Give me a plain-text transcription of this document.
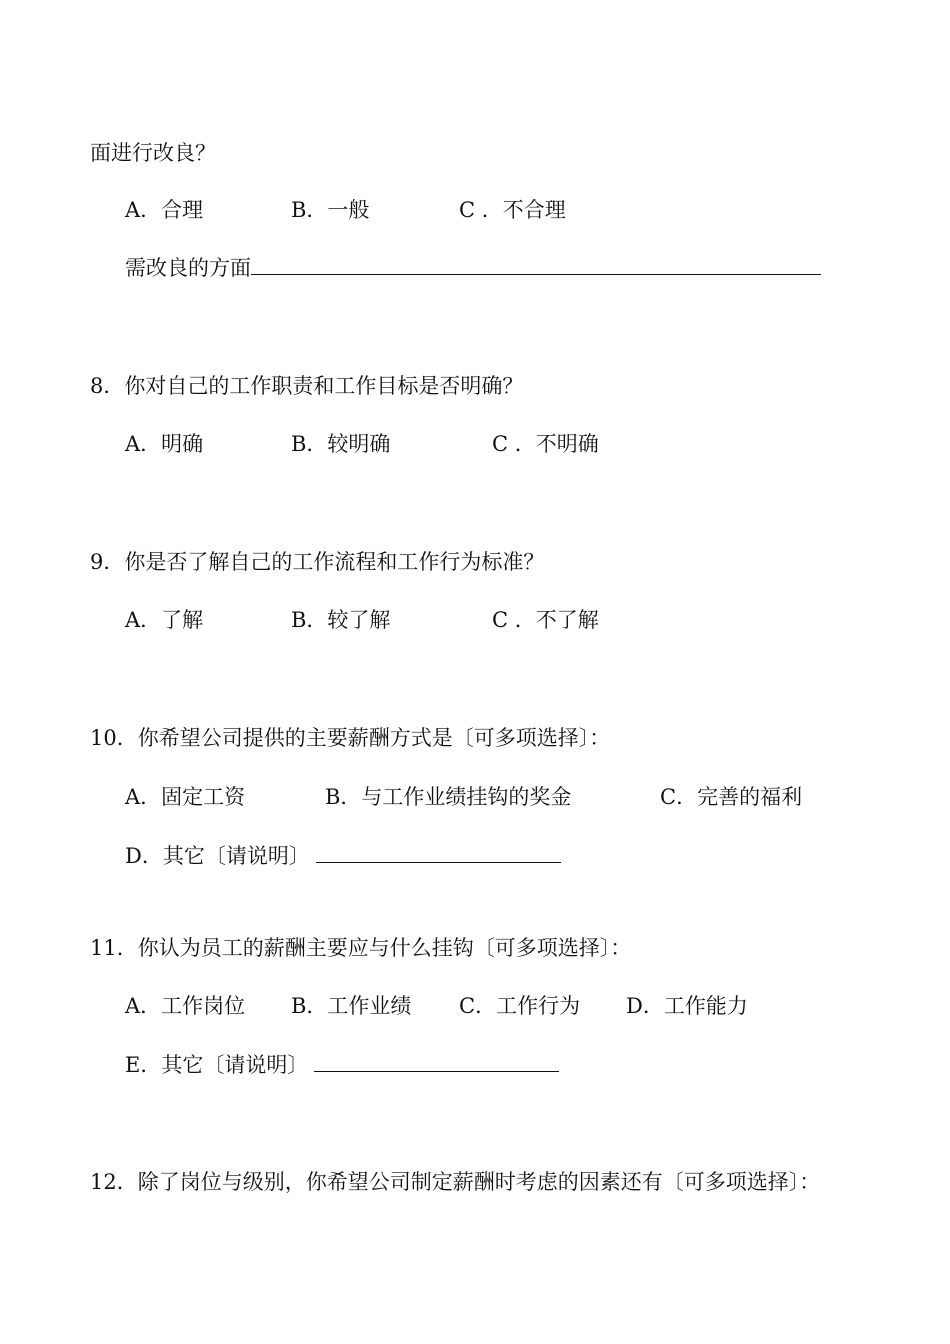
面进行改良？
A．合理	B．一般	C ．不合理
需改良的方面
8．你对自己的工作职责和工作目标是否明确？
A．明确	B．较明确	C ．不明确
9．你是否了解自己的工作流程和工作行为标准？
A．了解	B．较了解	C ．不了解
10．你希望公司提供的主要薪酬方式是〔可多项选择〕：
A．固定工资	B．与工作业绩挂钩的奖金	C．完善的福利
D．其它〔请说明〕
11．你认为员工的薪酬主要应与什么挂钩〔可多项选择〕：
A．工作岗位 B．工作业绩 C．工作行为 D．工作能力
E．其它〔请说明〕
12．除了岗位与级别，你希望公司制定薪酬时考虑的因素还有〔可多项选择〕：
